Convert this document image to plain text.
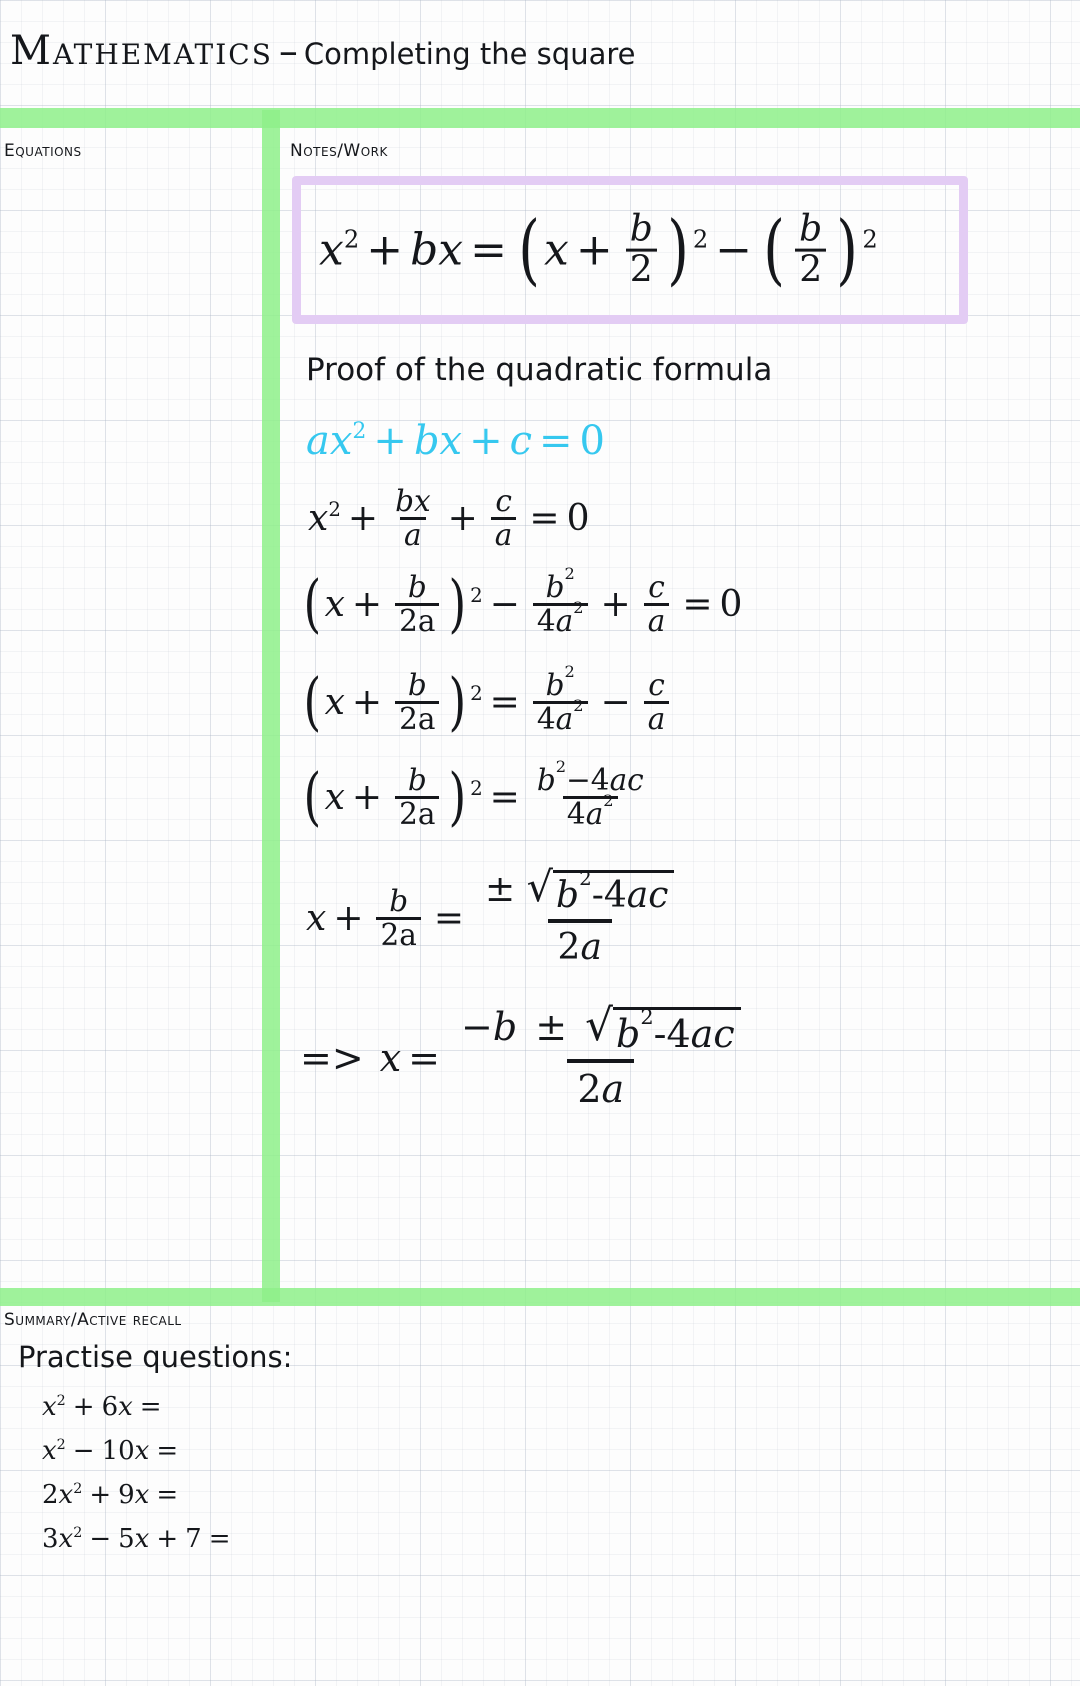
Mathematics – Completing the square
Equations	Notes/Work
Summary/Active recall
x 2 + bx = ( $x + \frac{b}{2}$ ) 2 − ( $\frac{b}{2}$ ) 2
Proof of the quadratic formula
a x 2 + bx + c = 0
x $2 + \frac{bx}{a} + \frac{c}{a} = 0$
( $x + \frac{b}{2a}$ ) $2 - \frac{b^2}{4a^2} + \frac{c}{a} = 0$
( $x + \frac{b}{2a}$ ) $2 = \frac{b^2}{4a^2} - \frac{c}{a}$
( $x + \frac{b}{2a}$ ) $2 = \frac{b^2-4ac}{4a^2}$
$x + \frac{b}{2a} = \frac{\pm √ b^2-4ac}{2a}$
=> $x = \frac{-b \pm √ b^2-4ac}{2a}$
Practise questions:
x 2 + 6 x =
x 2 − 10 x =
2 x 2 + 9 x =
3 x 2 − 5 x + 7 =
